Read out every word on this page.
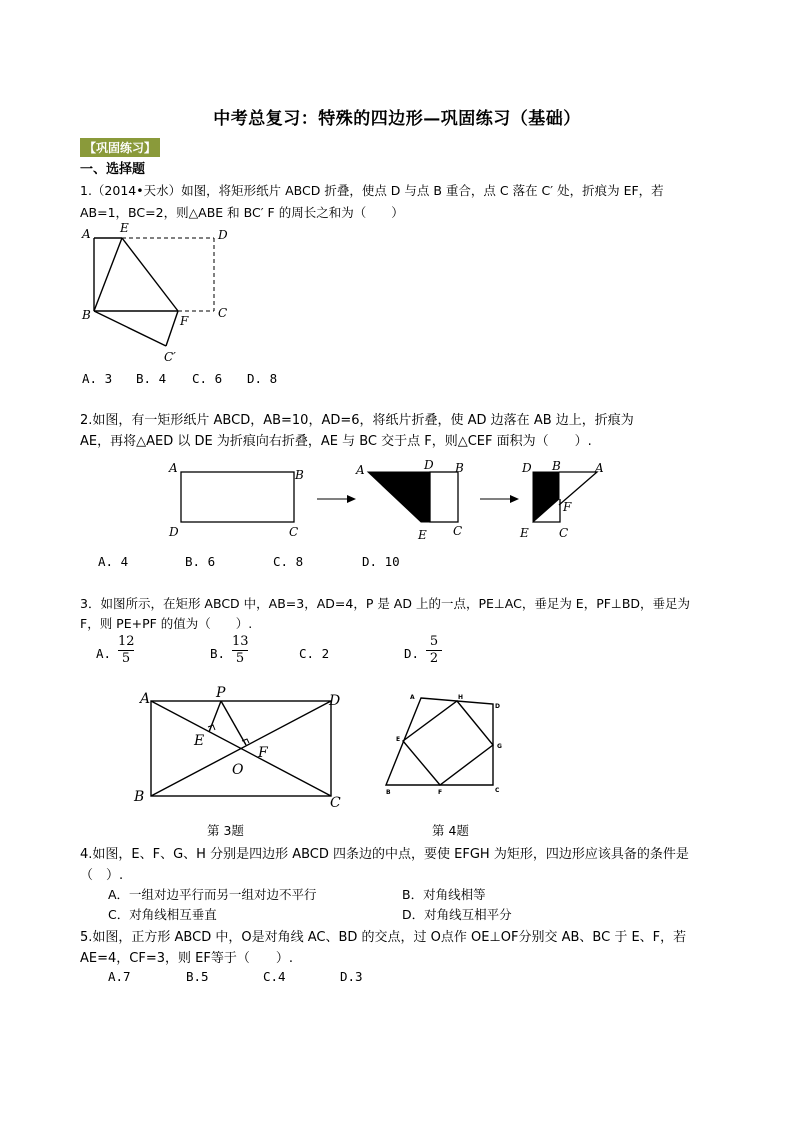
中考总复习：特殊的四边形—巩固练习（基础）
【巩固练习】
一、选择题
1.（2014•天水）如图，将矩形纸片 ABCD 折叠，使点 D 与点 B 重合，点 C 落在 C′ 处，折痕为 EF，若
AB=1，BC=2，则△ABE 和 BC′ F 的周长之和为（　　）
A E	D
B	F
C
C′
A. 3 B. 4 C. 6 D. 8
2.如图，有一矩形纸片 ABCD，AB=10，AD=6，将纸片折叠，使 AD 边落在 AB 边上，折痕为
AE，再将△AED 以 DE 为折痕向右折叠，AE 与 BC 交于点 F，则△CEF 面积为（　　）.
A	B
D	C
A	D B
E C
D B	A
F
E	C
A. 4	B. 6	C. 8	D. 10
3．如图所示，在矩形 ABCD 中，AB=3，AD=4，P 是 AD 上的一点，PE⊥AC，垂足为 E，PF⊥BD，垂足为
F，则 PE+PF 的值为（　　）.
A. $\frac{12}{5}$	B. $\frac{13}{5}$	C. 2	D. $\frac{5}{2}$
A	P	D
E
F
O
B	C
A	H
D
E
G
B	F	C
第 3题	第 4题
4.如图，E、F、G、H 分别是四边形 ABCD 四条边的中点，要使 EFGH 为矩形，四边形应该具备的条件是
（　）.
A．一组对边平行而另一组对边不平行	B．对角线相等
C．对角线相互垂直	D．对角线互相平分
5.如图，正方形 ABCD 中，O是对角线 AC、BD 的交点，过 O点作 OE⊥OF分别交 AB、BC 于 E、F，若
AE=4，CF=3，则 EF等于（　　）.
A.7	B.5	C.4	D.3
